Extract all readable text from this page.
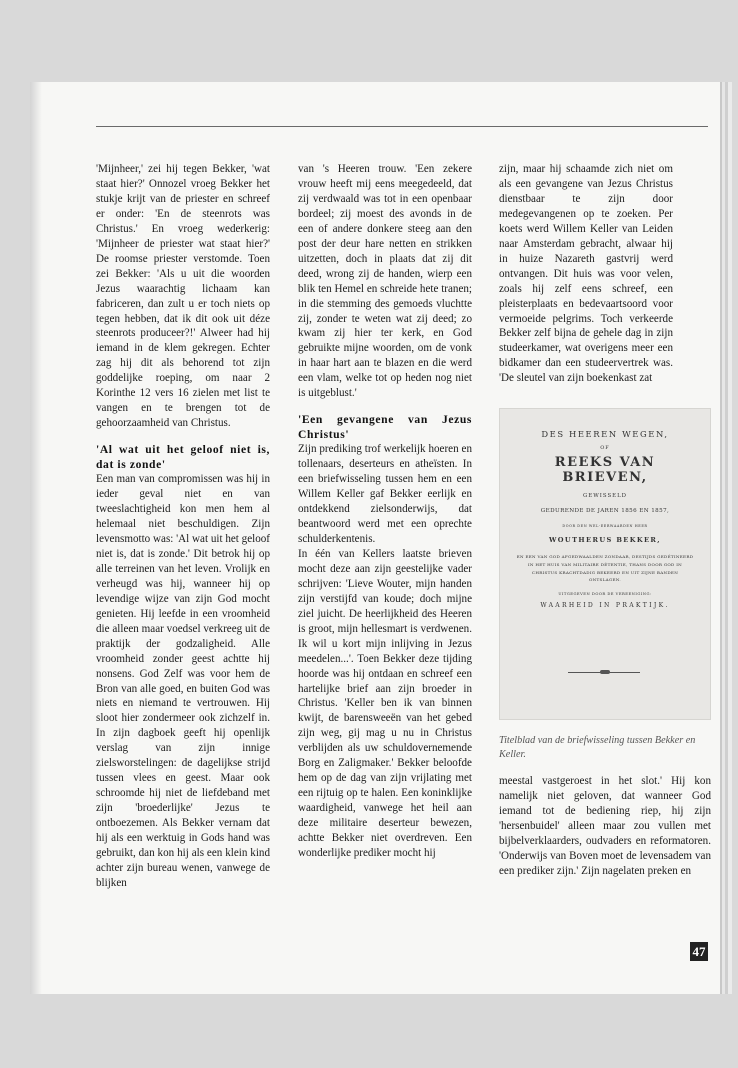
'Mijnheer,' zei hij tegen Bekker, 'wat staat hier?' Onnozel vroeg Bekker het stukje krijt van de priester en schreef er onder: 'En de steenrots was Christus.' En vroeg wederkerig: 'Mijnheer de priester wat staat hier?' De roomse priester verstomde. Toen zei Bekker: 'Als u uit die woorden Jezus waarachtig lichaam kan fabriceren, dan zult u er toch niets op tegen hebben, dat ik dit ook uit déze steenrots produceer?!' Alweer had hij iemand in de klem gekregen. Echter zag hij dit als behorend tot zijn goddelijke roeping, om naar 2 Korinthe 12 vers 16 zielen met list te vangen en te brengen tot de gehoorzaamheid van Christus.

'Al wat uit het geloof niet is, dat is zonde'

Een man van compromissen was hij in ieder geval niet en van tweeslachtigheid kon men hem al helemaal niet beschuldigen. Zijn levensmotto was: 'Al wat uit het geloof niet is, dat is zonde.' Dit betrok hij op alle terreinen van het leven. Vrolijk en verheugd was hij, wanneer hij op levendige wijze van zijn God mocht genieten. Hij leefde in een vroomheid die alleen maar voedsel verkreeg uit de praktijk der godzaligheid. Alle vroomheid zonder geest achtte hij nonsens. God Zelf was voor hem de Bron van alle goed, en buiten God was niets en niemand te vertrouwen. Hij sloot hier zondermeer ook zichzelf in. In zijn dagboek geeft hij openlijk verslag van zijn innige zielsworstelingen: de dagelijkse strijd tussen vlees en geest. Maar ook schroomde hij niet de liefdeband met zijn 'broederlijke' Jezus te ontboezemen. Als Bekker vernam dat hij als een werktuig in Gods hand was gebruikt, dan kon hij als een klein kind achter zijn bureau wenen, vanwege de blijken

van 's Heeren trouw. 'Een zekere vrouw heeft mij eens meegedeeld, dat zij verdwaald was tot in een openbaar bordeel; zij moest des avonds in de een of andere donkere steeg aan den post der deur hare netten en strikken uitzetten, doch in plaats dat zij dit deed, wrong zij de handen, wierp een blik ten Hemel en schreide hete tranen; in die stemming des gemoeds vluchtte zij, zonder te weten wat zij deed; zo kwam zij hier ter kerk, en God gebruikte mijne woorden, om de vonk in haar hart aan te blazen en die werd een vlam, welke tot op heden nog niet is uitgeblust.'

'Een gevangene van Jezus Christus'

Zijn prediking trof werkelijk hoeren en tollenaars, deserteurs en atheïsten. In een briefwisseling tussen hem en een Willem Keller gaf Bekker eerlijk en ontdekkend zielsonderwijs, dat beantwoord werd met een oprechte schulderkentenis.

In één van Kellers laatste brieven mocht deze aan zijn geestelijke vader schrijven: 'Lieve Wouter, mijn handen zijn verstijfd van koude; doch mijne ziel juicht. De heerlijkheid des Heeren is groot, mijn hellesmart is verdwenen. Ik wil u kort mijn inlijving in Jezus meedelen...'. Toen Bekker deze tijding hoorde was hij ontdaan en schreef een hartelijke brief aan zijn broeder in Christus. 'Keller ben ik van binnen kwijt, de barensweeën van het gebed zijn weg, gij mag u nu in Christus verblijden als uw schuldovernemende Borg en Zaligmaker.' Bekker beloofde hem op de dag van zijn vrijlating met een rijtuig op te halen. Een koninklijke waardigheid, vanwege het heil aan deze militaire deserteur bewezen, achtte Bekker niet overdreven. Een wonderlijke prediker mocht hij

zijn, maar hij schaamde zich niet om als een gevangene van Jezus Christus dienstbaar te zijn door medegevangenen op te zoeken. Per koets werd Willem Keller van Leiden naar Amsterdam gebracht, alwaar hij in huize Nazareth gastvrij werd ontvangen. Dit huis was voor velen, zoals hij zelf eens schreef, een pleisterplaats en bedevaartsoord voor vermoeide pelgrims. Toch verkeerde Bekker zelf bijna de gehele dag in zijn studeerkamer, wat overigens meer een bidkamer dan een studeervertrek was. 'De sleutel van zijn boekenkast zat

DES HEEREN WEGEN,

OF

REEKS VAN BRIEVEN,

GEWISSELD

GEDURENDE DE JAREN 1856 EN 1857,

DOOR DEN WEL-EERWAARDEN HEER

WOUTHERUS BEKKER,

EN EEN VAN GOD AFGEDWAALDEN ZONDAAR, DESTIJDS GEDÉTINEERD IN HET HUIS VAN MILITAIRE DÉTENTIE, THANS DOOR GOD IN CHRISTUS KRACHTDADIG BEKEERD EN UIT ZIJNE BANDEN ONTSLAGEN.

UITGEGEVEN DOOR DE VEREENIGING:

WAARHEID IN PRAKTIJK.

Titelblad van de briefwisseling tussen Bekker en Keller.

meestal vastgeroest in het slot.' Hij kon namelijk niet geloven, dat wanneer God iemand tot de bediening riep, hij zijn 'hersenbuidel' alleen maar zou vullen met bijbelverklaarders, oudvaders en reformatoren. 'Onderwijs van Boven moet de levensadem van een prediker zijn.' Zijn nagelaten preken en

47
